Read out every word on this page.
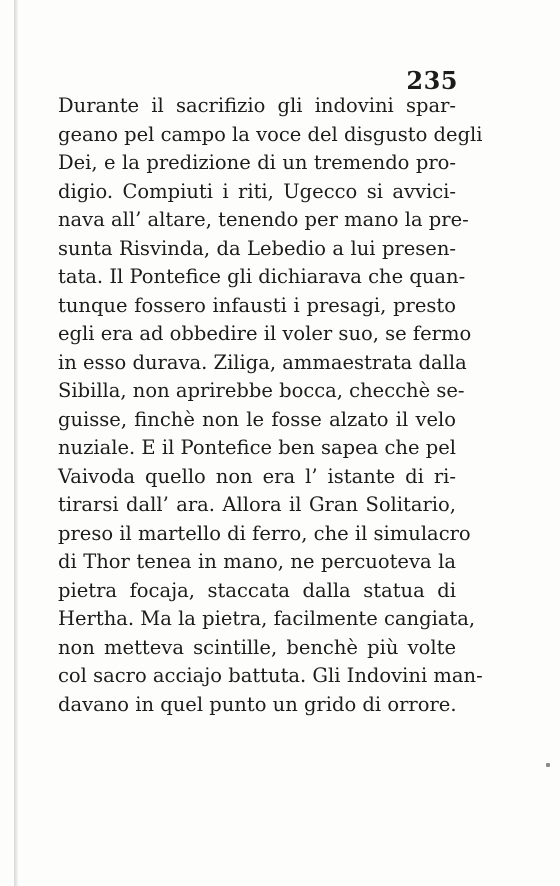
235
Durante il sacrifizio gli indovini spar-
geano pel campo la voce del disgusto degli
Dei, e la predizione di un tremendo pro-
digio. Compiuti i riti, Ugecco si avvici-
nava all’ altare, tenendo per mano la pre-
sunta Risvinda, da Lebedio a lui presen-
tata. Il Pontefice gli dichiarava che quan-
tunque fossero infausti i presagi, presto
egli era ad obbedire il voler suo, se fermo
in esso durava. Ziliga, ammaestrata dalla
Sibilla, non aprirebbe bocca, checchè se-
guisse, finchè non le fosse alzato il velo
nuziale. E il Pontefice ben sapea che pel
Vaivoda quello non era l’ istante di ri-
tirarsi dall’ ara. Allora il Gran Solitario,
preso il martello di ferro, che il simulacro
di Thor tenea in mano, ne percuoteva la
pietra focaja, staccata dalla statua di
Hertha. Ma la pietra, facilmente cangiata,
non metteva scintille, benchè più volte
col sacro acciajo battuta. Gli Indovini man-
davano in quel punto un grido di orrore.
